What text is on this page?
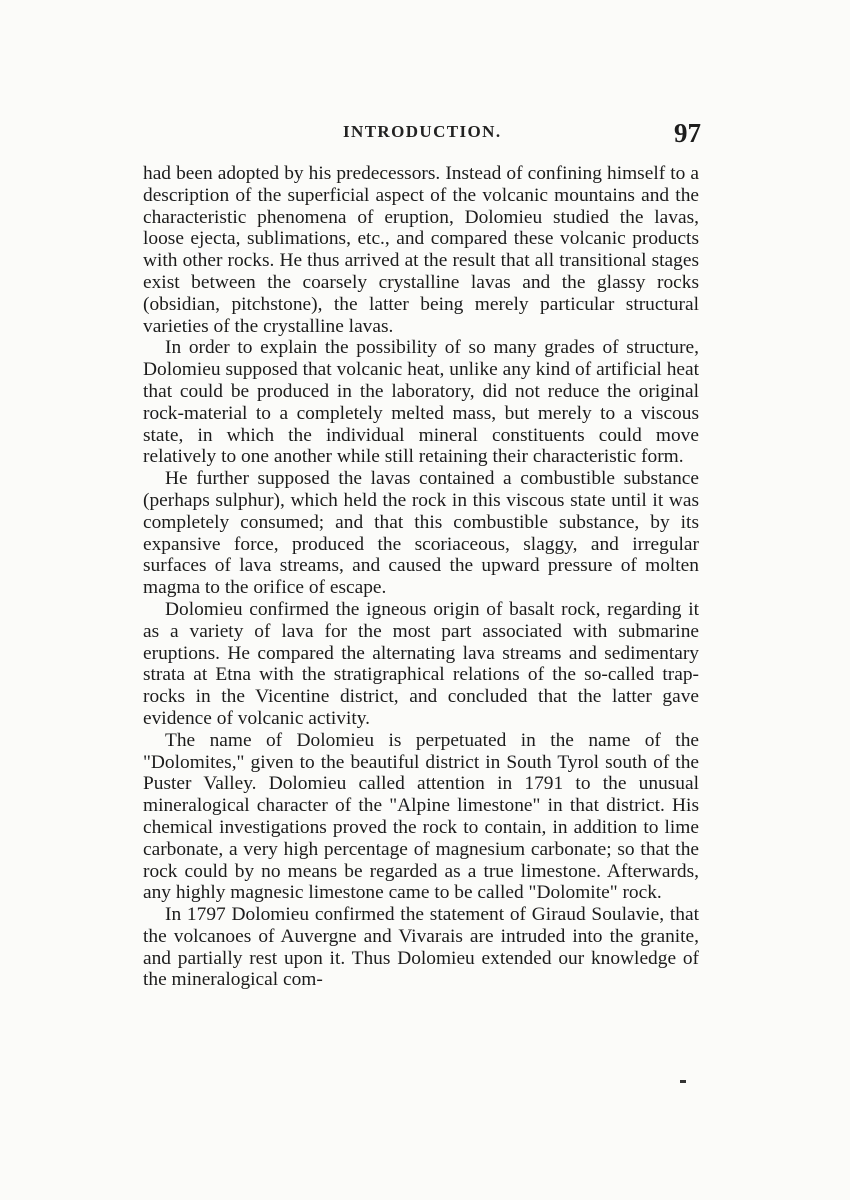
INTRODUCTION.	97

had been adopted by his predecessors. Instead of confining himself to a description of the superficial aspect of the volcanic mountains and the characteristic phenomena of eruption, Dolomieu studied the lavas, loose ejecta, sublimations, etc., and compared these volcanic products with other rocks. He thus arrived at the result that all transitional stages exist between the coarsely crystalline lavas and the glassy rocks (obsidian, pitchstone), the latter being merely particular structural varieties of the crystalline lavas.

In order to explain the possibility of so many grades of structure, Dolomieu supposed that volcanic heat, unlike any kind of artificial heat that could be produced in the laboratory, did not reduce the original rock-material to a completely melted mass, but merely to a viscous state, in which the individual mineral constituents could move relatively to one another while still retaining their characteristic form.

He further supposed the lavas contained a combustible substance (perhaps sulphur), which held the rock in this viscous state until it was completely consumed; and that this combustible substance, by its expansive force, produced the scoriaceous, slaggy, and irregular surfaces of lava streams, and caused the upward pressure of molten magma to the orifice of escape.

Dolomieu confirmed the igneous origin of basalt rock, regarding it as a variety of lava for the most part associated with submarine eruptions. He compared the alternating lava streams and sedimentary strata at Etna with the stratigraphical relations of the so-called trap-rocks in the Vicentine district, and concluded that the latter gave evidence of volcanic activity.

The name of Dolomieu is perpetuated in the name of the "Dolomites," given to the beautiful district in South Tyrol south of the Puster Valley. Dolomieu called attention in 1791 to the unusual mineralogical character of the "Alpine limestone" in that district. His chemical investigations proved the rock to contain, in addition to lime carbonate, a very high percentage of magnesium carbonate; so that the rock could by no means be regarded as a true limestone. Afterwards, any highly magnesic limestone came to be called "Dolomite" rock.

In 1797 Dolomieu confirmed the statement of Giraud Soulavie, that the volcanoes of Auvergne and Vivarais are intruded into the granite, and partially rest upon it. Thus Dolomieu extended our knowledge of the mineralogical com-
